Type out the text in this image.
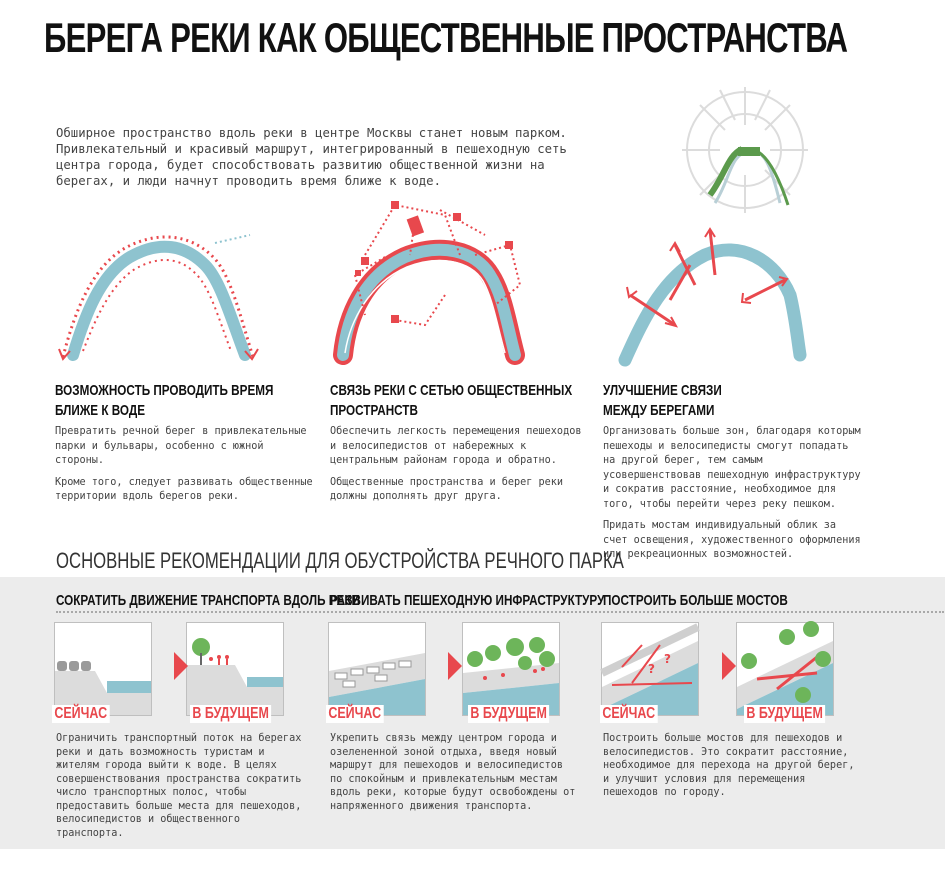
БЕРЕГА РЕКИ КАК ОБЩЕСТВЕННЫЕ ПРОСТРАНСТВА
Обширное пространство вдоль реки в центре Москвы станет новым парком. Привлекательный и красивый маршрут, интегрированный в пешеходную сеть центра города, будет способствовать развитию общественной жизни на берегах, и люди начнут проводить время ближе к воде.
ВОЗМОЖНОСТЬ ПРОВОДИТЬ ВРЕМЯ
БЛИЖЕ К ВОДЕ

Превратить речной берег в привлекательные парки и бульвары, особенно с южной стороны.

Кроме того, следует развивать общественные территории вдоль берегов реки.

СВЯЗЬ РЕКИ С СЕТЬЮ ОБЩЕСТВЕННЫХ
ПРОСТРАНСТВ

Обеспечить легкость перемещения пешеходов и велосипедистов от набережных к центральным районам города и обратно.

Общественные пространства и берег реки должны дополнять друг друга.

УЛУЧШЕНИЕ СВЯЗИ
МЕЖДУ БЕРЕГАМИ

Организовать больше зон, благодаря которым пешеходы и велосипедисты смогут попадать на другой берег, тем самым усовершенствовав пешеходную инфраструктуру и сократив расстояние, необходимое для того, чтобы перейти через реку пешком.

Придать мостам индивидуальный облик за счет освещения, художественного оформления или рекреационных возможностей.

ОСНОВНЫЕ РЕКОМЕНДАЦИИ ДЛЯ ОБУСТРОЙСТВА РЕЧНОГО ПАРКА
СОКРАТИТЬ ДВИЖЕНИЕ ТРАНСПОРТА ВДОЛЬ РЕКИ
РАЗВИВАТЬ ПЕШЕХОДНУЮ ИНФРАСТРУКТУРУ
ПОСТРОИТЬ БОЛЬШЕ МОСТОВ
СЕЙЧАС	В БУДУЩЕМ	СЕЙЧАС	В БУДУЩЕМ
?
?
СЕЙЧАС	В БУДУЩЕМ
Ограничить транспортный поток на берегах реки и дать возможность туристам и жителям города выйти к воде. В целях совершенствования пространства сократить число транспортных полос, чтобы предоставить больше места для пешеходов, велосипедистов и общественного транспорта.
Укрепить связь между центром города и озелененной зоной отдыха, введя новый маршрут для пешеходов и велосипедистов по спокойным и привлекательным местам вдоль реки, которые будут освобождены от напряженного движения транспорта.
Построить больше мостов для пешеходов и велосипедистов. Это сократит расстояние, необходимое для перехода на другой берег, и улучшит условия для перемещения пешеходов по городу.
